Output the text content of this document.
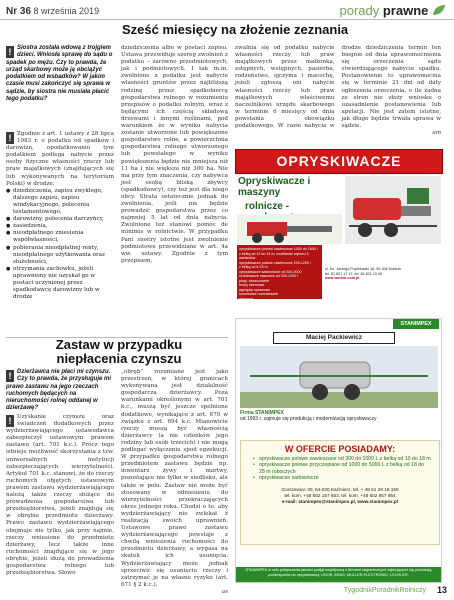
Nr 36 8 września 2019	porady prawne
Sześć miesięcy na złożenie zeznania
! Siostra została wdową z trojgiem dzieci. Wniosła sprawę do sądu o spadek po mężu. Czy to prawda, że urząd skarbowy może ją obciążyć podatkiem od wsbadków? W jakim czasie musi zakończyć się sprawa w sądzie, by siostra nie musiała płacić tego podatku?
! Zgodnie z art. 1 ustawy z 28 lipca 1983 r. o podatku od spadków i darowizn, opodatkowaniu tym podatkiem podlega nabycie przez osoby fizyczne własności rzeczy lub praw majątkowych (znajdujących się lub wykonywanych na terytorium Polski) w drodze:
● dziedziczenia, zapisu zwykłego, dalszego zapisu, zapisu windykacyjnego, polecenia testamentowego,
● darowizny, polecenia darczyńcy,
● zasiedzenia,
● nieodpłatnego zniesienia współwłasności,
● pobierania nieodpłatnej renty, nieodpłatnego użytkowania oraz służebności,
● otrzymania zachowku, jeżeli uprawniony nie uzyskał go w postaci uczynionej przez spadkodawcę darowizny lub w drodze
dziedziczenia albo w postaci zapisu. Ustawa przewiduje szereg zwolnień z podatku – zarówno przedmiotowych, jak i podmiotowych. I tak m.in. zwolnione z podatku jest nabycie własności gruntów przez najbliższą rodzinę przez spadkobiercę gospodarstwa rolnego w rozumieniu przepisów o podatku rolnym, wraz z będącymi ich częścią składową drzewami i innymi roślinami, pod warunkiem że w wyniku nabycia zostanie utworzone lub powiększone gospodarstwo rolne, a powierzchnia gospodarstwa rolnego utworzonego lub powstałego w wyniku powiększenia będzie nie mniejsza niż 11 ha i nie większa niż 300 ha. Nie ma przy tym znaczenia, czy nabywca jest osobą bliską zbywcy (spadkodawcy), czy też jest dla niego obcy. Strata ostatecznie jednak do zwolnienia, jeśli nie będzie prowadzić gospodarstwa przez co najmniej 5 lat od dnia nabycia. Zwolnione też stanowi pomoc de minimis w rolnictwie. W przypadku Pani siostry istotne jest zwolnienie podmiotowe przewidziane w art. 4a ww. ustawy. Zgodnie z tym przepisem,
zwalnia się od podatku nabycie własności rzeczy lub praw majątkowych przez małżonka, zstępnych, wstępnych, pasierba, rodzeństwo, ojczyma i macochę, jeżeli zgłoszą oni nabycie własności rzeczy lub praw majątkowych właściwemu naczelnikowi urzędu skarbowego w terminie 6 miesięcy od dnia powstania obowiązku podatkowego. W razie nabycia w drodze dziedziczenia termin ten biegnie od dnia uprawomocnienia się orzeczenia sądu stwierdzającego nabycie spadku. Postanowienie to uprawomocnia się w terminie 21 dni od daty ogłoszenia orzeczenia, o ile żadna ze stron nie złoży wniosku o uzasadnienie postanowienia lub apelacji. Nie jest zatem istotne, jak długo będzie trwała sprawa w sądzie.
am
Zastaw w przypadku
niepłacenia czynszu
! Dzierżawca nie płaci mi czynszu. Czy to prawda, że przysługuje mi prawo zastawu na jego rzeczach ruchomych będących na nieruchomości rolnej oddanej w dzierżawę?
! Uzyskanie czynszu oraz świadczeń dodatkowych przez wydzierżawiającego ustawodawca zabezpieczył ustawowym prawem zastawu (art. 701 k.c.). Prócz tego istnieje możliwość skorzystania z tzw. uniwersalnych instytucji zabezpieczających wierzytelności. Artykuł 701 k.c. stanowi, że do rzeczy ruchomych objętych ustawowym prawem zastawu wydzierżawiającego należą także rzeczy służące do prowadzenia gospodarstwa lub przedsiębiorstwa, jeżeli znajdują się w obrębie przedmiotu dzierżawy. Prawo zastawu wydzierżawiającego obejmuje nie tylko, jak przy najmie, rzeczy wniesione do przedmiotu dzierżawy, lecz także inne ruchomości znajdujące się w jego obrębie, jeżeli służą do prowadzenia gospodarstwa rolnego lub przedsiębiorstwa. Słowo
„obręb” rozumiane jest jako przestrzeń, w której granicach wykonywana jest działalność gospodarcza dzierżawcy. Poza warunkami określonymi w art. 701 k.c., muszą być jeszcze spełnione dodatkowe, wynikające z art. 670 w związku z art. 694 k.c. Mianowicie rzeczy muszą być własnością dzierżawcy (a nie członków jego rodziny lub osób trzecich) i nie mogą podlegać wyłączeniu spod egzekucji. W przypadku gospodarstwa rolnego przedmiotem zastawu będzie np. inwentarz żywy i martwy, pozostające nie tylko w siedlisku, ale także w polu. Zastaw nie może być stosowany w odniesieniu do wierzytelności przekraczających okres jednego roku. Chodzi o to, aby wydzierżawiający nie zwlekał z realizacją swoich uprawnień. Ustawowe prawo zastawu wydzierżawiającego powstaje z chwilą wniesienia ruchomości do przedmiotu dzierżawy, a wygasa na skutek ich usunięcia. Wydzierżawiający może jednak sprzeciwić się usunięciu rzeczy i zatrzymać je na własne ryzyko (art. 671 § 2 k.c.).
as
OPRYSKIWACZE
Opryskiwacze i maszyny
rolnicze -
opryskiwacze polowe zawieszane 1000 do 1600 l
z belką od 12 do 24 m, możliwość wyboru 3 wariantów
opryskiwacze polowe zawieszane 200-1200 l
z belką od 6-15 m
opryskiwacze sadownicze od 300-2000
rozsiewacze nawozów od 200-1200 l
pługi, deszczownie
brony talerzowe
agregaty uprawowe
koronkowe rozdrabniarki
głęboszy
ul. Ks. Jerzego Popiełuszki 18, 99-306 Kraśnik
tel. 81 821 17 17, tel. 81 821 15 46
www.werkot.com.pl
STANIMPEX
Maciej Packiewicz
Firma STANIMPEX
od 1993 r. zajmuje się produkcją i modernizacją opryskiwaczy
W OFERCIE POSIADAMY:
• opryskiwacze polowe zawieszane od 300 do 1000 L z belką od 10 do 18 m
• opryskiwacze polowe przyczepiane od 1000 do 5000 L z belką od 18 do 28 m roboczych
• opryskiwacze sadownicze
Gorszewice 30, 64-030 Kaźmierz, tel. + 48 61 29 18 159
tel. kom. +48 602 157 653, tel. kom. +48 602 857 864
e-mail: stanimpex@stanimpex.pl, www.stanimpex.pl
STANIMPEX w celu polepszenia jakości podjął współpracę z firmami zagranicznymi zajmującymi się produkcją podzespołów do opryskiwaczy. UDOR, ARAG, MULLER ELECTRONIC, LECHLER.
TygodnikPoradnikRolniczy 13
